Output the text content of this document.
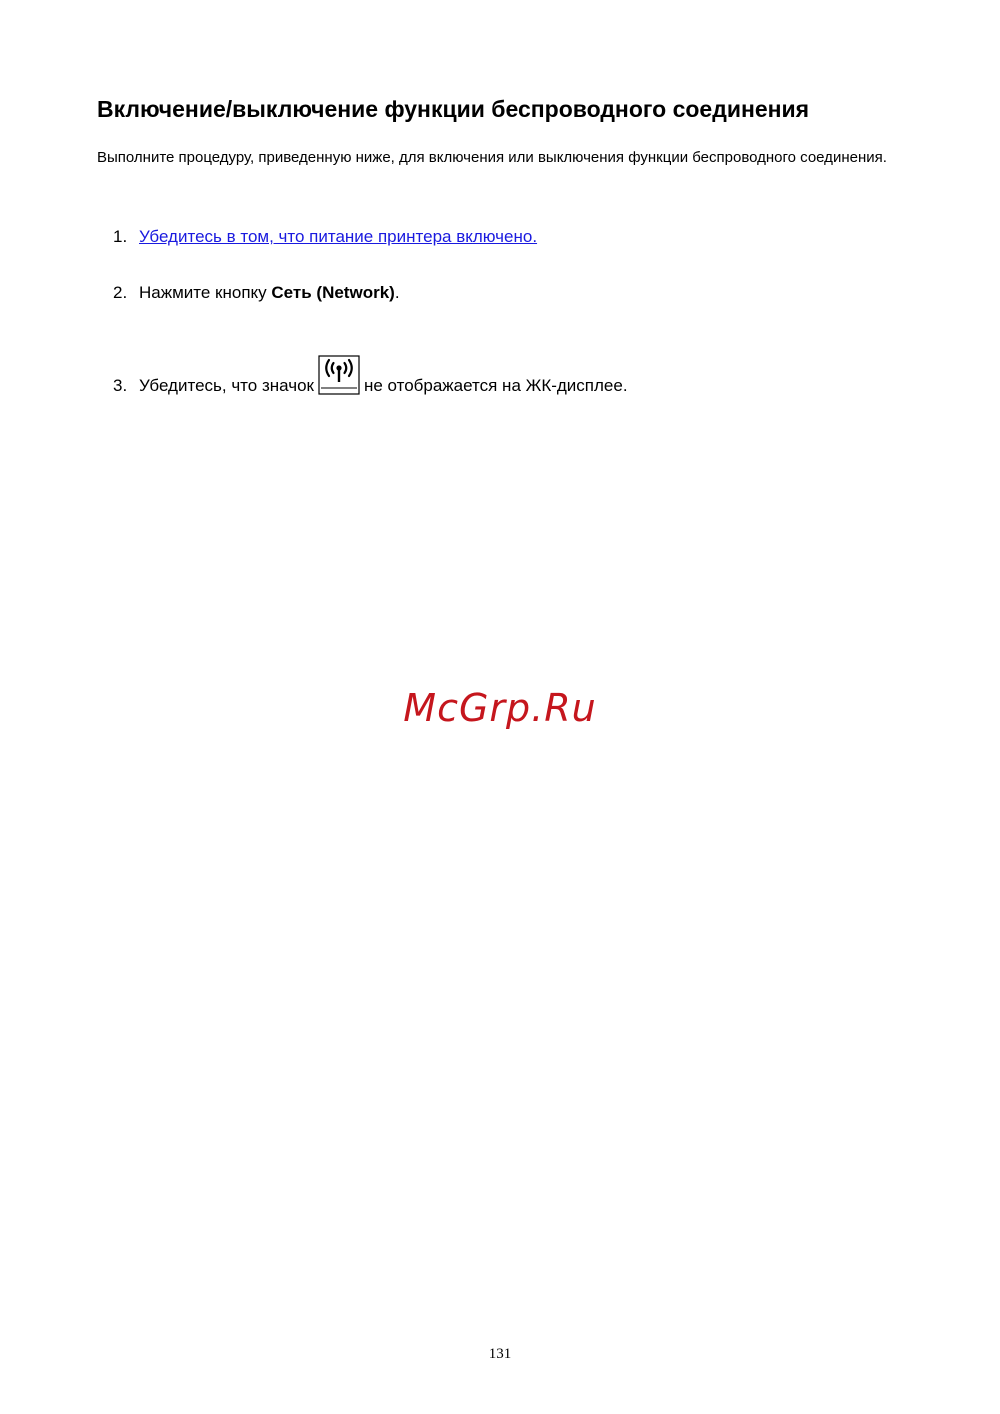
Включение/выключение функции беспроводного соединения

Выполните процедуру, приведенную ниже, для включения или выключения функции беспроводного соединения.

1. Убедитесь в том, что питание принтера включено.

2. Нажмите кнопку Сеть (Network).

3. Убедитесь, что значок	не отображается на ЖК-дисплее.

McGrp.Ru

131
